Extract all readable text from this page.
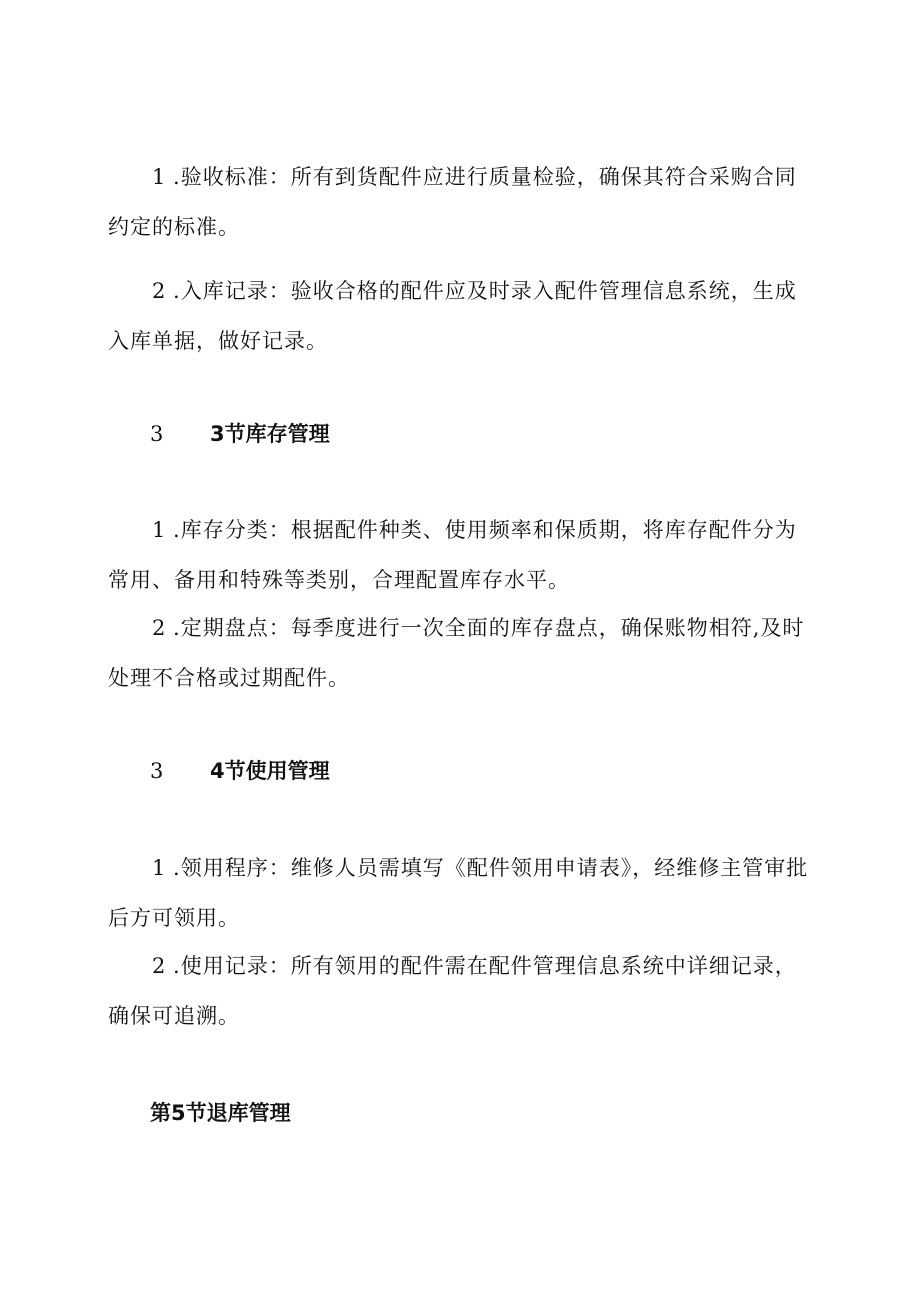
1 .验收标准：所有到货配件应进行质量检验，确保其符合采购合同约定的标准。

2 .入库记录：验收合格的配件应及时录入配件管理信息系统，生成入库单据，做好记录。

3 3节库存管理

1 .库存分类：根据配件种类、使用频率和保质期，将库存配件分为常用、备用和特殊等类别，合理配置库存水平。

2 .定期盘点：每季度进行一次全面的库存盘点，确保账物相符,及时处理不合格或过期配件。

3 4节使用管理

1 .领用程序：维修人员需填写《配件领用申请表》，经维修主管审批后方可领用。

2 .使用记录：所有领用的配件需在配件管理信息系统中详细记录，确保可追溯。

第5节退库管理
